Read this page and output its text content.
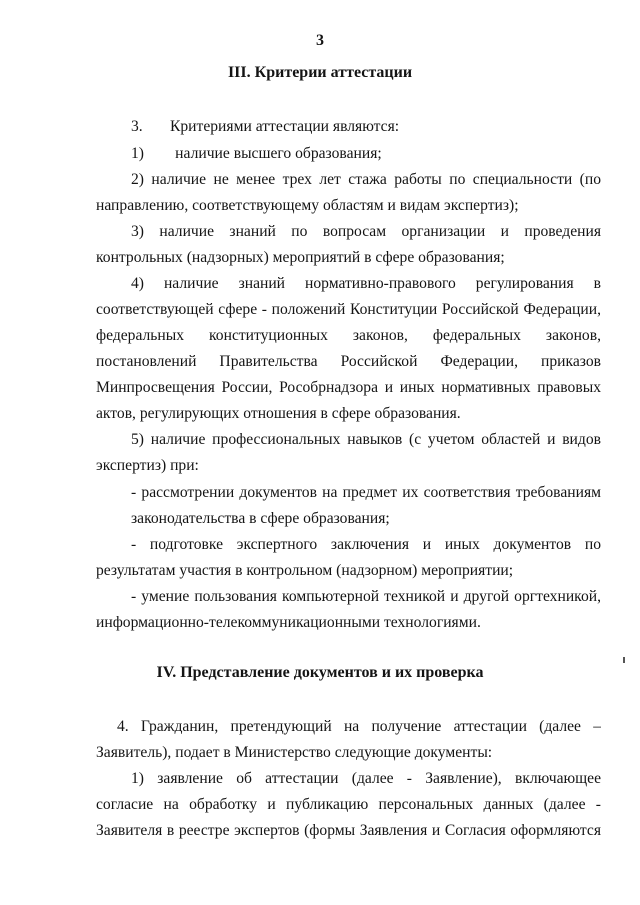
3
III. Критерии аттестации
3.       Критериями аттестации являются:
1)        наличие высшего образования;
2) наличие не менее трех лет стажа работы по специальности (по
направлению, соответствующему областям и видам экспертиз);
3) наличие знаний по вопросам организации и проведения
контрольных (надзорных) мероприятий в сфере образования;
4) наличие знаний нормативно-правового регулирования в
соответствующей сфере - положений Конституции Российской Федерации,
федеральных конституционных законов, федеральных законов,
постановлений Правительства Российской Федерации, приказов
Минпросвещения России, Рособрнадзора и иных нормативных правовых
актов, регулирующих отношения в сфере образования.
5) наличие профессиональных навыков (с учетом областей и видов
экспертиз) при:
- рассмотрении документов на предмет их соответствия требованиям
законодательства в сфере образования;
- подготовке экспертного заключения и иных документов по
результатам участия в контрольном (надзорном) мероприятии;
- умение пользования компьютерной техникой и другой оргтехникой,
информационно-телекоммуникационными технологиями.
IV. Представление документов и их проверка
4. Гражданин, претендующий на получение аттестации (далее –
Заявитель), подает в Министерство следующие документы:
1) заявление об аттестации (далее - Заявление), включающее
согласие на обработку и публикацию персональных данных (далее -
Заявителя в реестре экспертов (формы Заявления и Согласия оформляются
